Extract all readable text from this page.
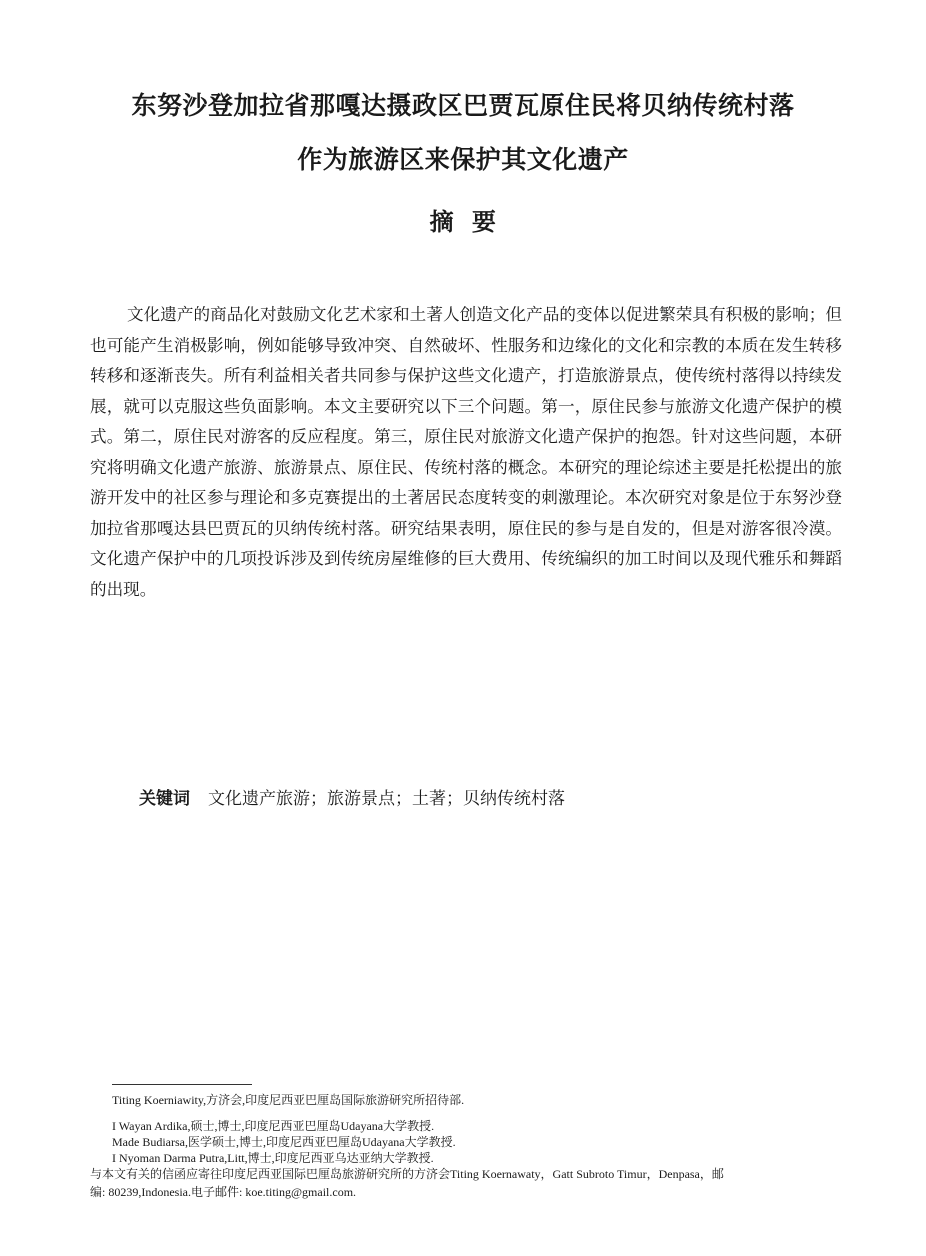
东努沙登加拉省那嘎达摄政区巴贾瓦原住民将贝纳传统村落
作为旅游区来保护其文化遗产
摘  要

文化遗产的商品化对鼓励文化艺术家和土著人创造文化产品的变体以促进繁荣具有积极的影响；但也可能产生消极影响，例如能够导致冲突、自然破坏、性服务和边缘化的文化和宗教的本质在发生转移转移和逐渐丧失。所有利益相关者共同参与保护这些文化遗产，打造旅游景点，使传统村落得以持续发展，就可以克服这些负面影响。本文主要研究以下三个问题。第一，原住民参与旅游文化遗产保护的模式。第二，原住民对游客的反应程度。第三，原住民对旅游文化遗产保护的抱怨。针对这些问题，本研究将明确文化遗产旅游、旅游景点、原住民、传统村落的概念。本研究的理论综述主要是托松提出的旅游开发中的社区参与理论和多克赛提出的土著居民态度转变的刺激理论。本次研究对象是位于东努沙登加拉省那嘎达县巴贾瓦的贝纳传统村落。研究结果表明，原住民的参与是自发的，但是对游客很冷漠。文化遗产保护中的几项投诉涉及到传统房屋维修的巨大费用、传统编织的加工时间以及现代雅乐和舞蹈的出现。

关键词 文化遗产旅游；旅游景点；土著；贝纳传统村落
Titing Koerniawity,方济会,印度尼西亚巴厘岛国际旅游研究所招待部.
I Wayan Ardika,硕士,博士,印度尼西亚巴厘岛Udayana大学教授.
Made Budiarsa,医学硕士,博士,印度尼西亚巴厘岛Udayana大学教授.
I Nyoman Darma Putra,Litt,博士,印度尼西亚乌达亚纳大学教授.
与本文有关的信函应寄往印度尼西亚国际巴厘岛旅游研究所的方济会Titing Koernawaty，Gatt Subroto Timur，Denpasa，邮
编: 80239,Indonesia.电子邮件: koe.titing@gmail.com.
